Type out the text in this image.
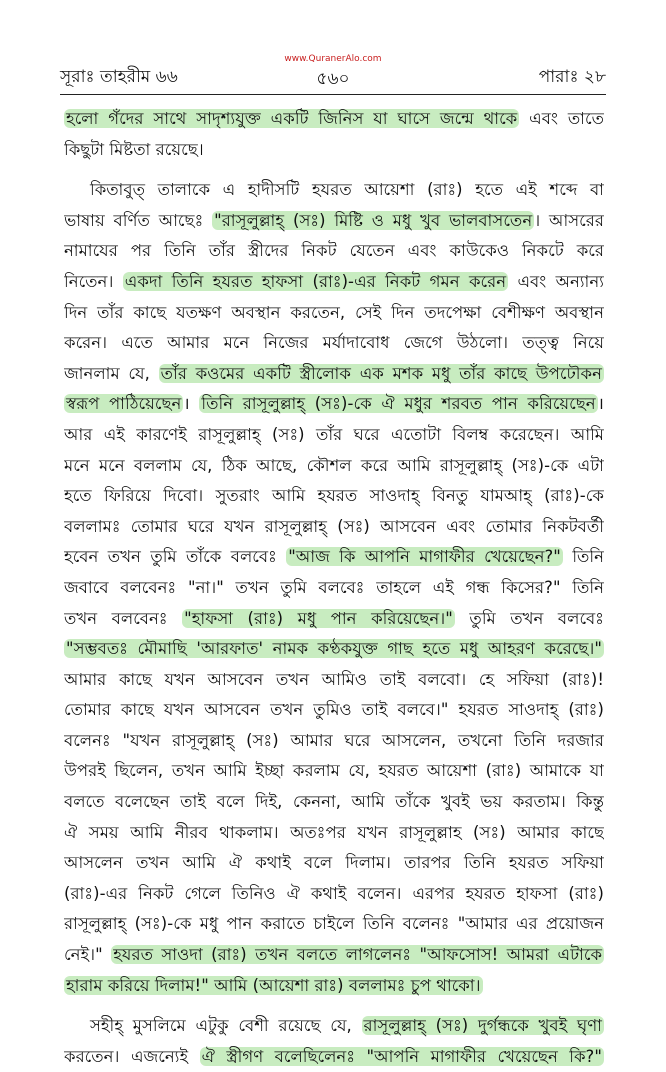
সূরাঃ তাহরীম ৬৬
www.QuranerAlo.com
৫৬০	পারাঃ ২৮
হলো গঁদের সাথে সাদৃশ্যযুক্ত একটি জিনিস যা ঘাসে জন্মে থাকে এবং তাতে
কিছুটা মিষ্টতা রয়েছে।
কিতাবুত্ তালাকে এ হাদীসটি হযরত আয়েশা (রাঃ) হতে এই শব্দে বা
ভাষায় বর্ণিত আছেঃ "রাসূলুল্লাহ্ (সঃ) মিষ্টি ও মধু খুব ভালবাসতেন । আসরের
নামাযের পর তিনি তাঁর স্ত্রীদের নিকট যেতেন এবং কাউকেও নিকটে করে
নিতেন। একদা তিনি হযরত হাফসা (রাঃ)-এর নিকট গমন করেন এবং অন্যান্য
দিন তাঁর কাছে যতক্ষণ অবস্থান করতেন, সেই দিন তদপেক্ষা বেশীক্ষণ অবস্থান
করেন। এতে আমার মনে নিজের মর্যাদাবোধ জেগে উঠলো। তত্ত্ব নিয়ে
জানলাম যে, তাঁর কওমের একটি স্ত্রীলোক এক মশক মধু তাঁর কাছে উপঢৌকন
স্বরূপ পাঠিয়েছেন । তিনি রাসূলুল্লাহ্ (সঃ)-কে ঐ মধুর শরবত পান করিয়েছেন ।
আর এই কারণেই রাসূলুল্লাহ্ (সঃ) তাঁর ঘরে এতোটা বিলম্ব করেছেন। আমি
মনে মনে বললাম যে, ঠিক আছে, কৌশল করে আমি রাসূলুল্লাহ্ (সঃ)-কে এটা
হতে ফিরিয়ে দিবো। সুতরাং আমি হযরত সাওদাহ্ বিনতু যামআহ্ (রাঃ)-কে
বললামঃ তোমার ঘরে যখন রাসূলুল্লাহ্ (সঃ) আসবেন এবং তোমার নিকটবর্তী
হবেন তখন তুমি তাঁকে বলবেঃ "আজ কি আপনি মাগাফীর খেয়েছেন?" তিনি
জবাবে বলবেনঃ "না।" তখন তুমি বলবেঃ তাহলে এই গন্ধ কিসের?" তিনি
তখন বলবেনঃ "হাফসা (রাঃ) মধু পান করিয়েছেন।" তুমি তখন বলবেঃ
"সম্ভবতঃ মৌমাছি 'আরফাত' নামক কণ্ঠকযুক্ত গাছ হতে মধু আহরণ করেছে।"
আমার কাছে যখন আসবেন তখন আমিও তাই বলবো। হে সফিয়া (রাঃ)!
তোমার কাছে যখন আসবেন তখন তুমিও তাই বলবে।" হযরত সাওদাহ্ (রাঃ)
বলেনঃ "যখন রাসূলুল্লাহ্ (সঃ) আমার ঘরে আসলেন, তখনো তিনি দরজার
উপরই ছিলেন, তখন আমি ইচ্ছা করলাম যে, হযরত আয়েশা (রাঃ) আমাকে যা
বলতে বলেছেন তাই বলে দিই, কেননা, আমি তাঁকে খুবই ভয় করতাম। কিন্তু
ঐ সময় আমি নীরব থাকলাম। অতঃপর যখন রাসূলুল্লাহ (সঃ) আমার কাছে
আসলেন তখন আমি ঐ কথাই বলে দিলাম। তারপর তিনি হযরত সফিয়া
(রাঃ)-এর নিকট গেলে তিনিও ঐ কথাই বলেন। এরপর হযরত হাফসা (রাঃ)
রাসূলুল্লাহ্ (সঃ)-কে মধু পান করাতে চাইলে তিনি বলেনঃ "আমার এর প্রয়োজন
নেই।" হযরত সাওদা (রাঃ) তখন বলতে লাগলেনঃ "আফসোস! আমরা এটাকে
হারাম করিয়ে দিলাম!" আমি (আয়েশা রাঃ) বললামঃ চুপ থাকো।
সহীহ্ মুসলিমে এটুকু বেশী রয়েছে যে, রাসূলুল্লাহ্ (সঃ) দুর্গন্ধকে খুবই ঘৃণা
করতেন। এজন্যেই ঐ স্ত্রীগণ বলেছিলেনঃ "আপনি মাগাফীর খেয়েছেন কি?"
